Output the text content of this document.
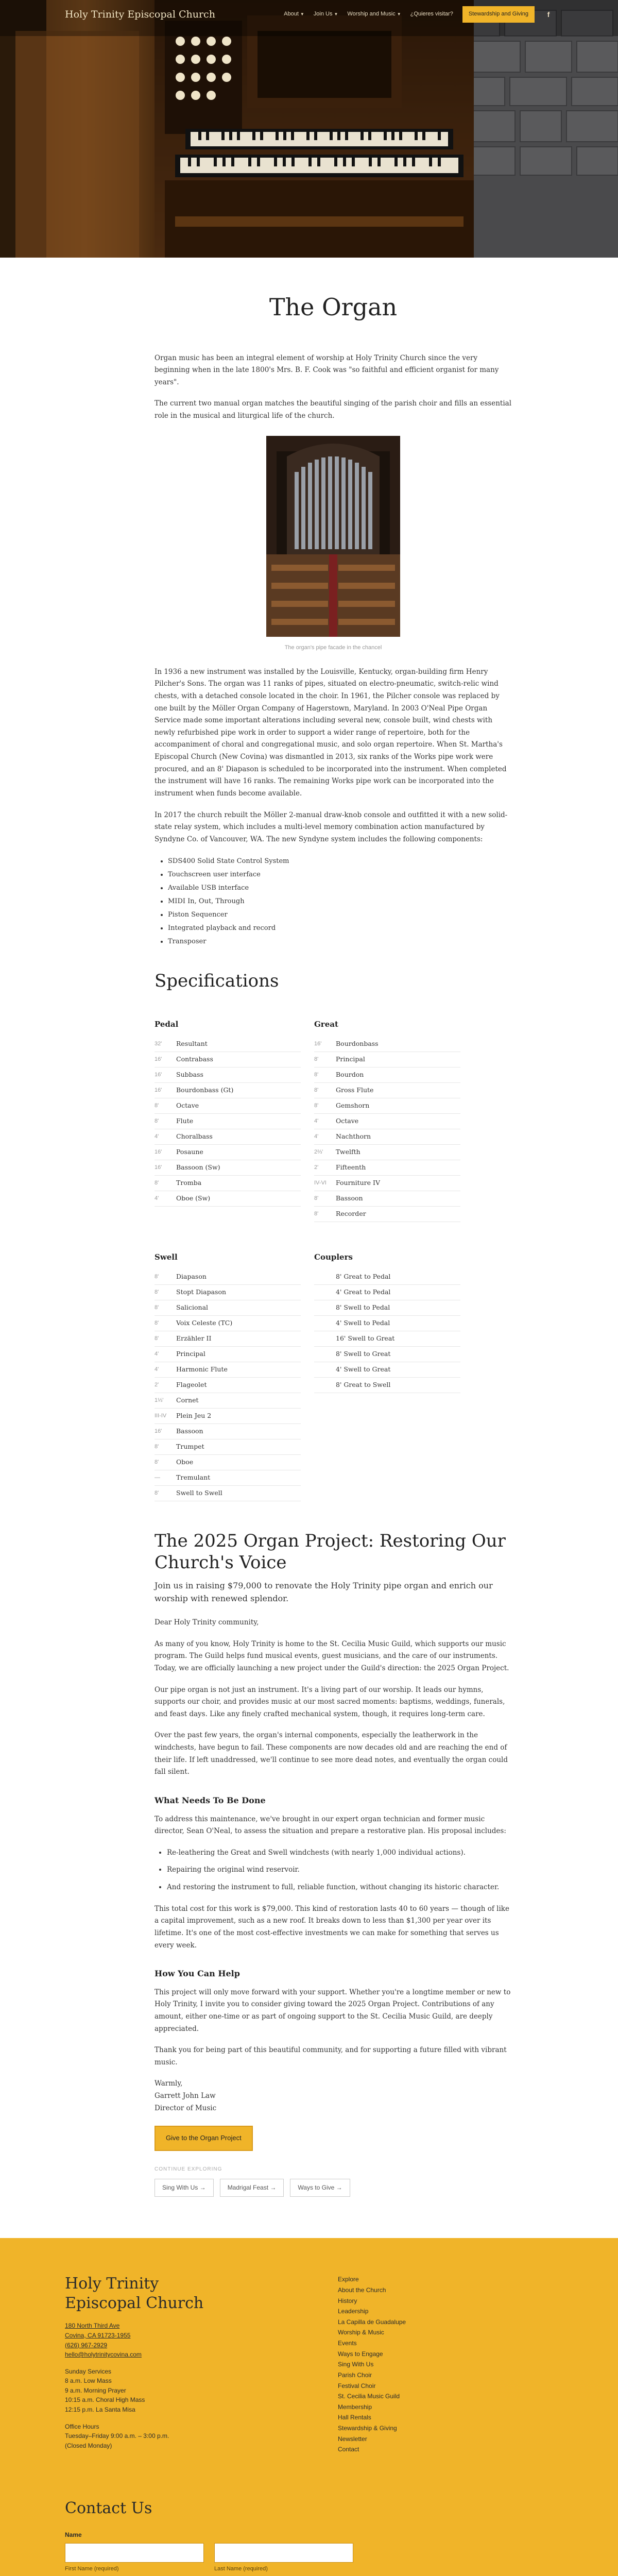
Holy Trinity Episcopal Church	About ▼ Join Us ▼ Worship and Music ▼ ¿Quieres visitar?	Stewardship and Giving	f
The Organ

Organ music has been an integral element of worship at Holy Trinity Church since the very beginning when in the late 1800's Mrs. B. F. Cook was "so faithful and efficient organist for many years".

The current two manual organ matches the beautiful singing of the parish choir and fills an essential role in the musical and liturgical life of the church.

The organ's pipe facade in the chancel

In 1936 a new instrument was installed by the Louisville, Kentucky, organ-building firm Henry Pilcher's Sons. The organ was 11 ranks of pipes, situated on electro-pneumatic, switch-relic wind chests, with a detached console located in the choir. In 1961, the Pilcher console was replaced by one built by the Möller Organ Company of Hagerstown, Maryland. In 2003 O'Neal Pipe Organ Service made some important alterations including several new, console built, wind chests with newly refurbished pipe work in order to support a wider range of repertoire, both for the accompaniment of choral and congregational music, and solo organ repertoire. When St. Martha's Episcopal Church (New Covina) was dismantled in 2013, six ranks of the Works pipe work were procured, and an 8' Diapason is scheduled to be incorporated into the instrument. When completed the instrument will have 16 ranks. The remaining Works pipe work can be incorporated into the instrument when funds become available.

In 2017 the church rebuilt the Möller 2-manual draw-knob console and outfitted it with a new solid-state relay system, which includes a multi-level memory combination action manufactured by Syndyne Co. of Vancouver, WA. The new Syndyne system includes the following components:

• SDS400 Solid State Control System
• Touchscreen user interface
• Available USB interface
• MIDI In, Out, Through
• Piston Sequencer
• Integrated playback and record
• Transposer
Specifications
Pedal
32'	Resultant
16'	Contrabass
16'	Subbass
16'	Bourdonbass (Gt)
8'	Octave
8'	Flute
4'	Choralbass
16'	Posaune
16'	Bassoon (Sw)
8'	Tromba
4'	Oboe (Sw)
Great
16'	Bourdonbass
8'	Principal
8'	Bourdon
8'	Gross Flute
8'	Gemshorn
4'	Octave
4'	Nachthorn
2⅔'	Twelfth
2'	Fifteenth
IV-VI	Fourniture IV
8'	Bassoon
8'	Recorder
Swell
8'	Diapason
8'	Stopt Diapason
8'	Salicional
8'	Voix Celeste (TC)
8'	Erzähler II
4'	Principal
4'	Harmonic Flute
2'	Flageolet
1⅓'	Cornet
III-IV	Plein Jeu 2
16'	Bassoon
8'	Trumpet
8'	Oboe
—	Tremulant
8'	Swell to Swell
Couplers
8' Great to Pedal
4' Great to Pedal
8' Swell to Pedal
4' Swell to Pedal
16' Swell to Great
8' Swell to Great
4' Swell to Great
8' Great to Swell
The 2025 Organ Project: Restoring Our Church's Voice

Join us in raising $79,000 to renovate the Holy Trinity pipe organ and enrich our worship with renewed splendor.

Dear Holy Trinity community,

As many of you know, Holy Trinity is home to the St. Cecilia Music Guild, which supports our music program. The Guild helps fund musical events, guest musicians, and the care of our instruments. Today, we are officially launching a new project under the Guild's direction: the 2025 Organ Project.

Our pipe organ is not just an instrument. It's a living part of our worship. It leads our hymns, supports our choir, and provides music at our most sacred moments: baptisms, weddings, funerals, and feast days. Like any finely crafted mechanical system, though, it requires long-term care.

Over the past few years, the organ's internal components, especially the leatherwork in the windchests, have begun to fail. These components are now decades old and are reaching the end of their life. If left unaddressed, we'll continue to see more dead notes, and eventually the organ could fall silent.

What Needs To Be Done

To address this maintenance, we've brought in our expert organ technician and former music director, Sean O'Neal, to assess the situation and prepare a restorative plan. His proposal includes:

• Re-leathering the Great and Swell windchests (with nearly 1,000 individual actions).
• Repairing the original wind reservoir.
• And restoring the instrument to full, reliable function, without changing its historic character.

This total cost for this work is $79,000. This kind of restoration lasts 40 to 60 years — though of like a capital improvement, such as a new roof. It breaks down to less than $1,300 per year over its lifetime. It's one of the most cost-effective investments we can make for something that serves us every week.

How You Can Help

This project will only move forward with your support. Whether you're a longtime member or new to Holy Trinity, I invite you to consider giving toward the 2025 Organ Project. Contributions of any amount, either one-time or as part of ongoing support to the St. Cecilia Music Guild, are deeply appreciated.

Thank you for being part of this beautiful community, and for supporting a future filled with vibrant music.

Warmly,
Garrett John Law
Director of Music
Give to the Organ Project
CONTINUE EXPLORING
Sing With Us →	Madrigal Feast →	Ways to Give →
Holy Trinity Episcopal Church
180 North Third Ave
Covina, CA 91723-1955
(626) 967-2929
hello@holytrinitycovina.com
Sunday Services
8 a.m. Low Mass
9 a.m. Morning Prayer
10:15 a.m. Choral High Mass
12:15 p.m. La Santa Misa
Office Hours
Tuesday–Friday 9:00 a.m. – 3:00 p.m.
(Closed Monday)
Explore
About the Church
History
Leadership
La Capilla de Guadalupe
Worship & Music
Events
Ways to Engage
Sing With Us
Parish Choir
Festival Choir
St. Cecilia Music Guild
Membership
Hall Rentals
Stewardship & Giving
Newsletter
Contact
Contact Us
Name
First Name (required)	Last Name (required)
